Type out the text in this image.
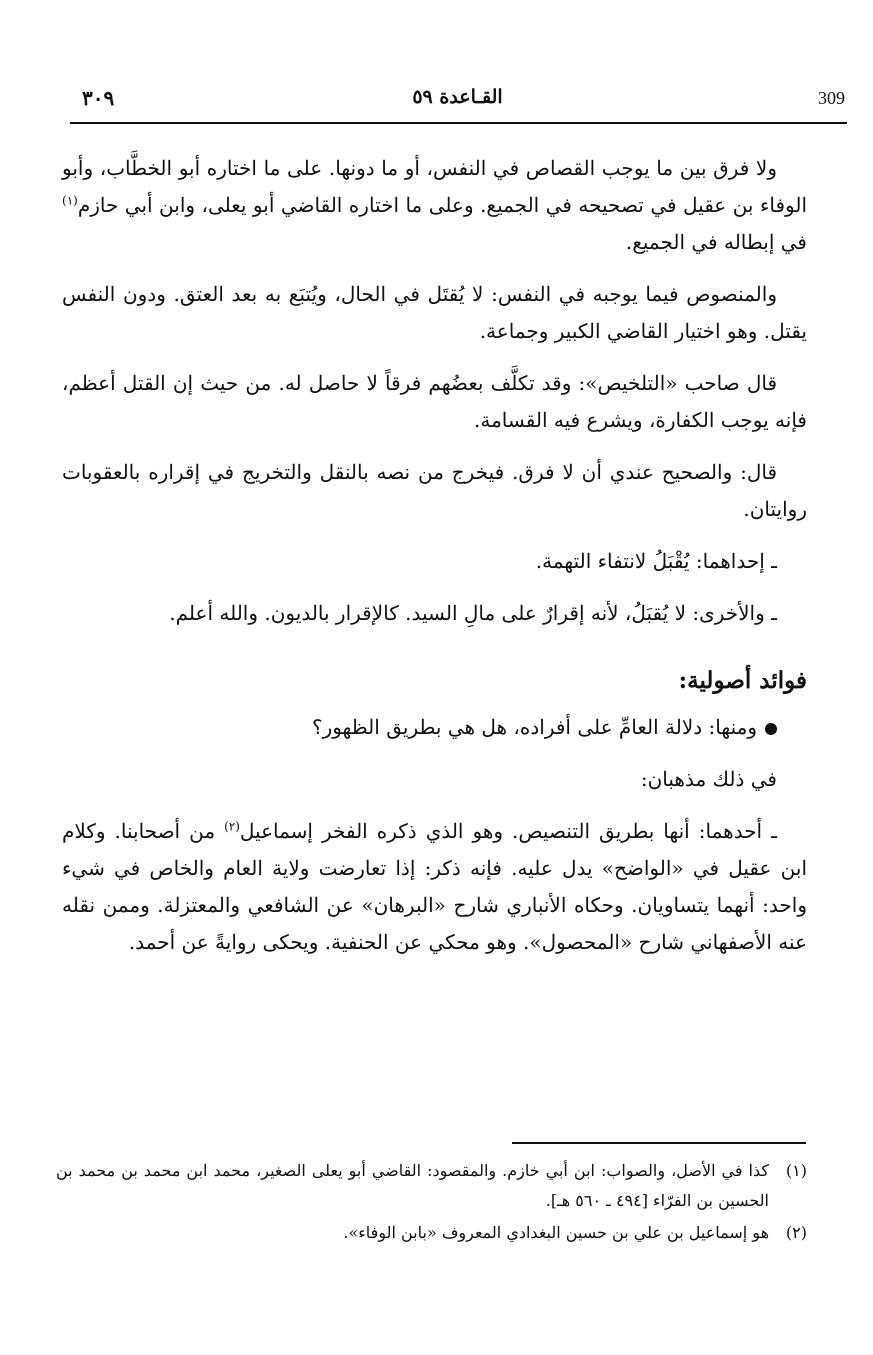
٣٠٩	القـاعدة ٥٩	309

ولا فرق بين ما يوجب القصاص في النفس، أو ما دونها. على ما اختاره أبو الخطَّاب، وأبو الوفاء بن عقيل في تصحيحه في الجميع. وعلى ما اختاره القاضي أبو يعلى، وابن أبي حازم$^{(١)}$ في إبطاله في الجميع.

والمنصوص فيما يوجبه في النفس: لا يُقتَل في الحال، ويُتبَع به بعد العتق. ودون النفس يقتل. وهو اختيار القاضي الكبير وجماعة.

قال صاحب «التلخيص»: وقد تكلَّف بعضُهم فرقاً لا حاصل له. من حيث إن القتل أعظم، فإنه يوجب الكفارة، ويشرع فيه القسامة.

قال: والصحيح عندي أن لا فرق. فيخرج من نصه بالنقل والتخريج في إقراره بالعقوبات روايتان.

ـ إحداهما: يُقْبَلُ لانتفاء التهمة.

ـ والأخرى: لا يُقبَلُ، لأنه إقرارٌ على مالِ السيد. كالإقرار بالديون. والله أعلم.

فوائد أصولية:

ومنها: دلالة العامِّ على أفراده، هل هي بطريق الظهور؟

في ذلك مذهبان:

ـ أحدهما: أنها بطريق التنصيص. وهو الذي ذكره الفخر إسماعيل$^{(٢)}$ من أصحابنا. وكلام ابن عقيل في «الواضح» يدل عليه. فإنه ذكر: إذا تعارضت ولاية العام والخاص في شيء واحد: أنهما يتساويان. وحكاه الأنباري شارح «البرهان» عن الشافعي والمعتزلة. وممن نقله عنه الأصفهاني شارح «المحصول». وهو محكي عن الحنفية. ويحكى روايةً عن أحمد.

(١)
كذا في الأصل، والصواب: ابن أبي خازم. والمقصود: القاضي أبو يعلى الصغير، محمد ابن محمد بن محمد بن الحسين بن الفرّاء [٤٩٤ ـ ٥٦٠ هـ].
(٢)
هو إسماعيل بن علي بن حسين البغدادي المعروف «بابن الوفاء».
